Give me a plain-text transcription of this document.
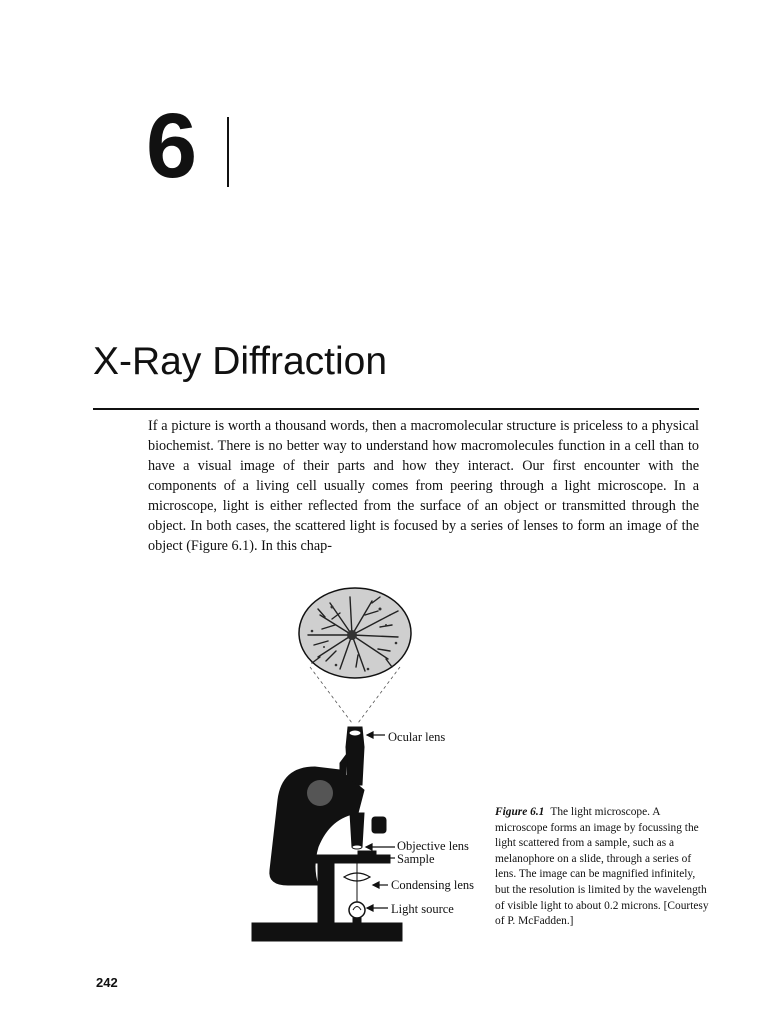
6
X-Ray Diffraction

If a picture is worth a thousand words, then a macromolecular structure is priceless to a physical biochemist. There is no better way to understand how macromolecules function in a cell than to have a visual image of their parts and how they interact. Our first encounter with the components of a living cell usually comes from peering through a light microscope. In a microscope, light is either reflected from the surface of an object or transmitted through the object. In both cases, the scattered light is focused by a series of lenses to form an image of the object (Figure 6.1). In this chap-

Ocular lens
Objective lens
Sample
Condensing lens
Light source

Figure 6.1 The light microscope. A microscope forms an image by focussing the light scattered from a sample, such as a melanophore on a slide, through a series of lens. The image can be magnified infinitely, but the resolution is limited by the wavelength of visible light to about 0.2 microns. [Courtesy of P. McFadden.]

242
